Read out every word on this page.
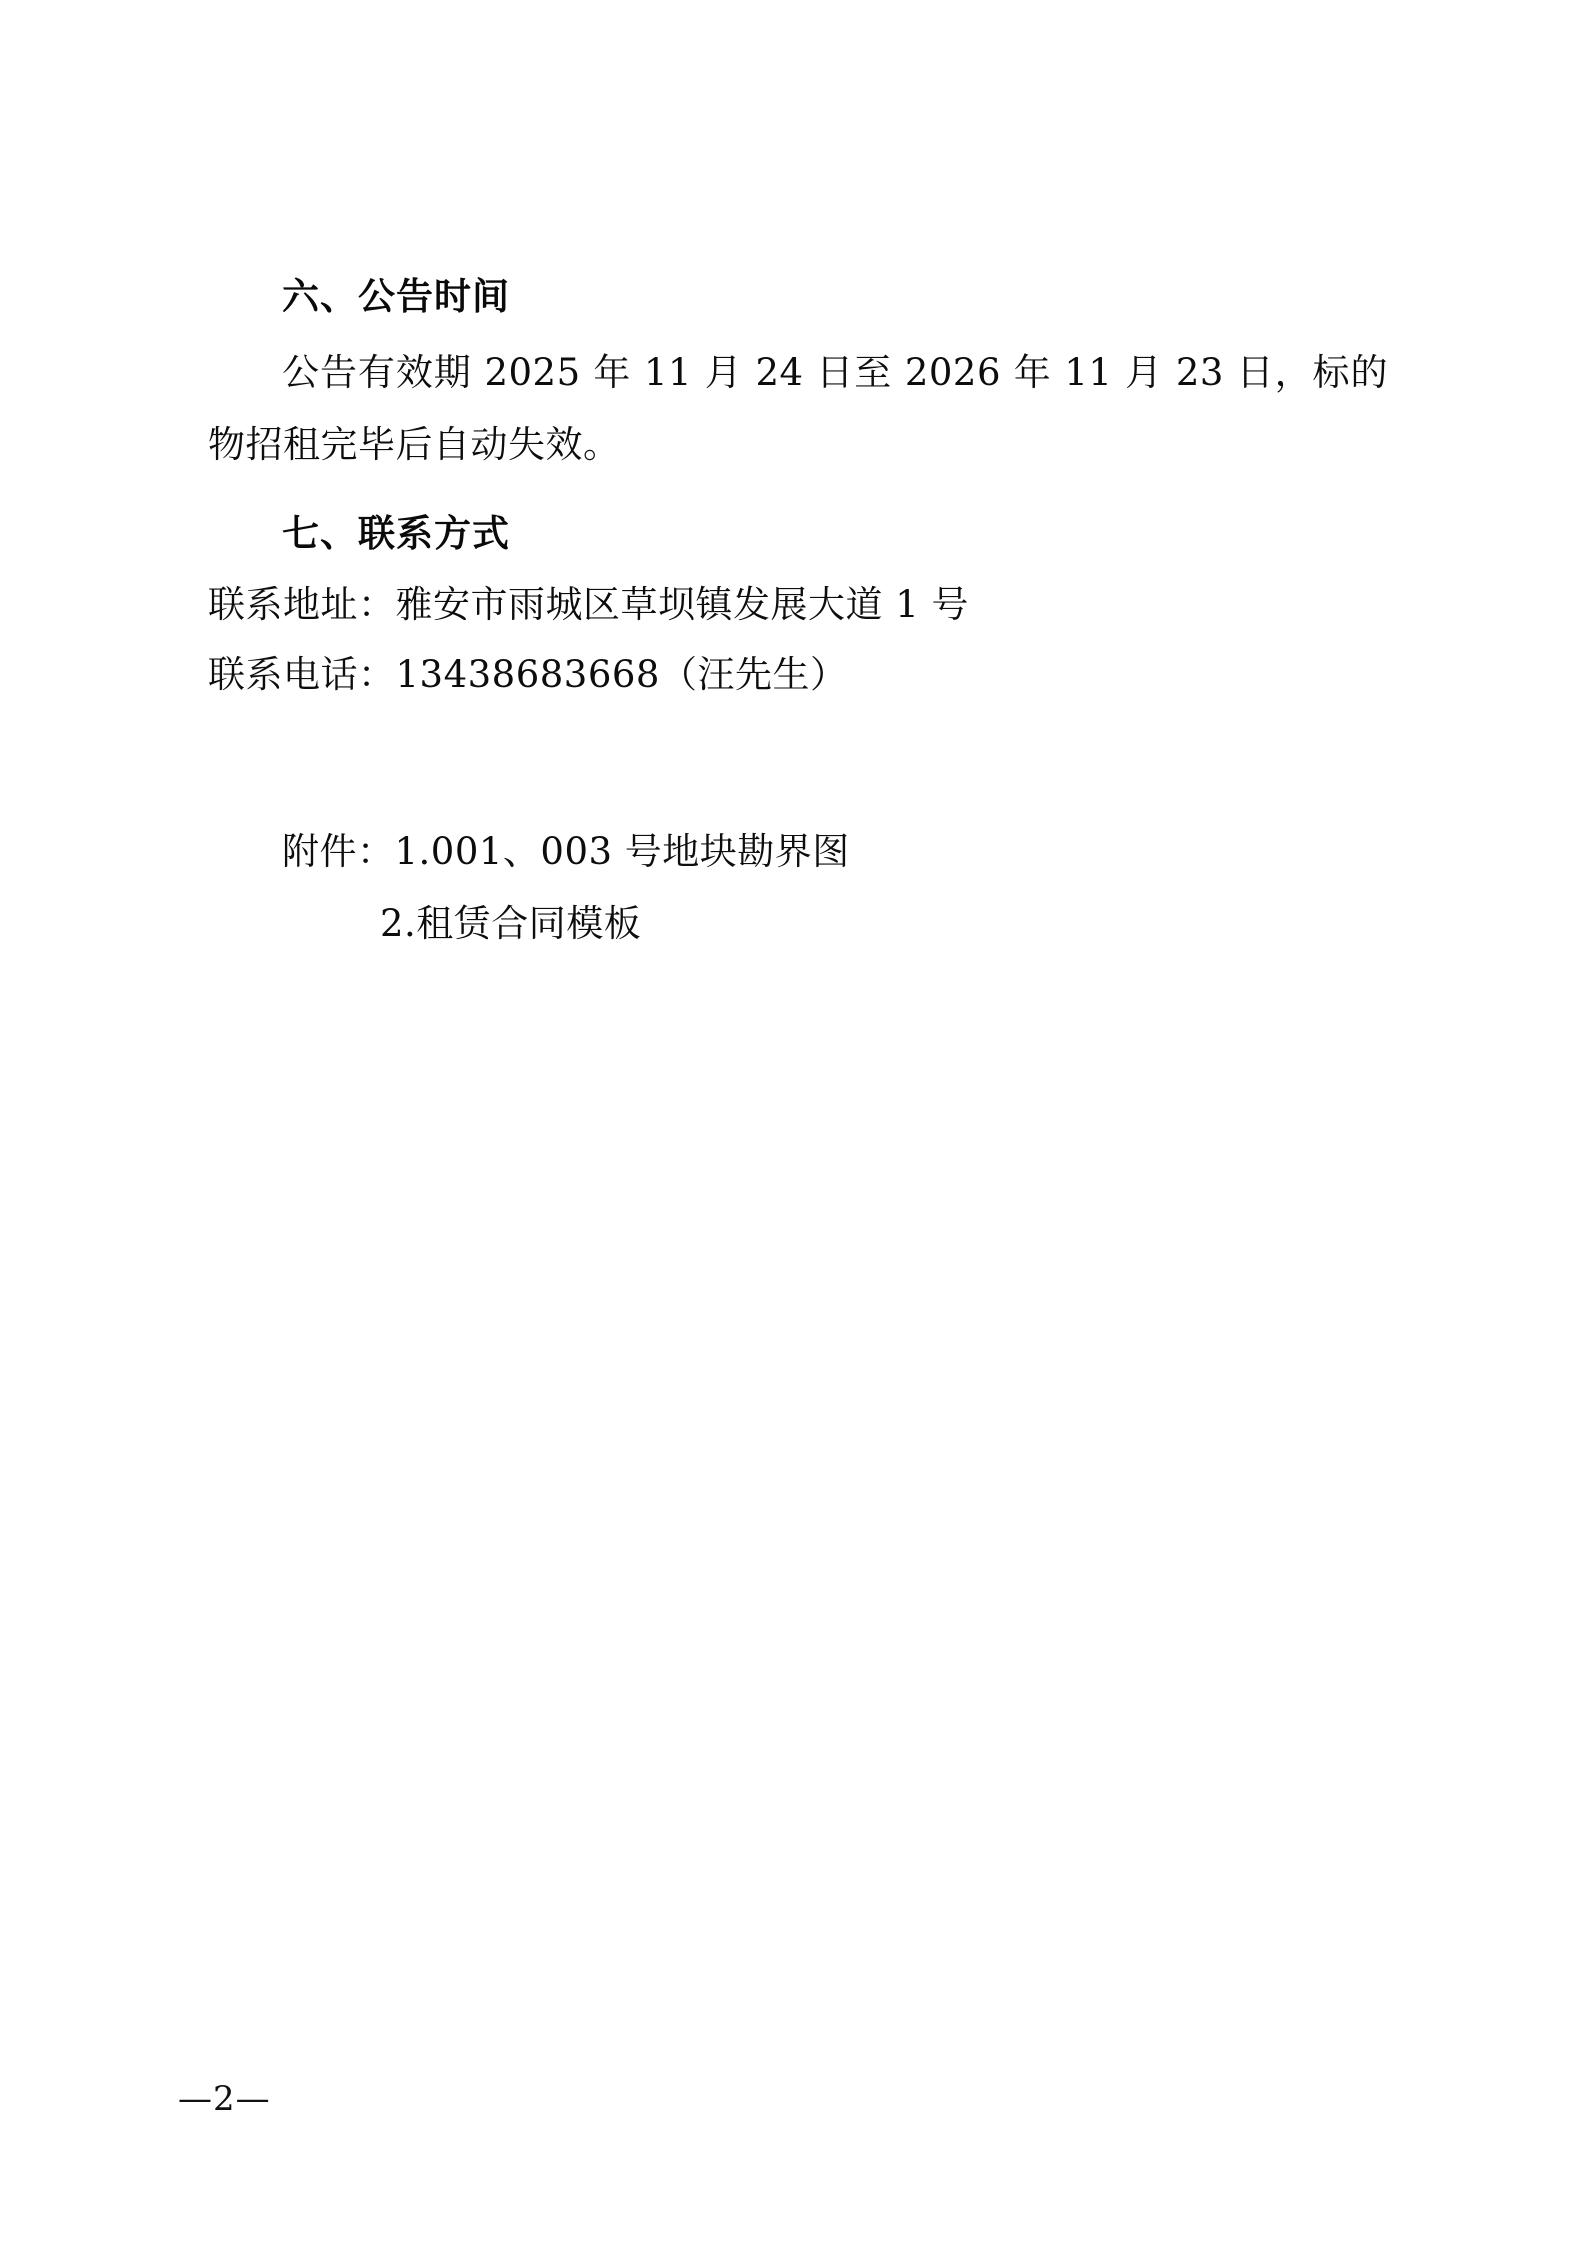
六、公告时间

公告有效期 2025 年 11 月 24 日至 2026 年 11 月 23 日，标的物招租完毕后自动失效。

七、联系方式

联系地址：雅安市雨城区草坝镇发展大道 1 号

联系电话：13438683668（汪先生）

附件：1.001、003 号地块勘界图

2.租赁合同模板

—2—
